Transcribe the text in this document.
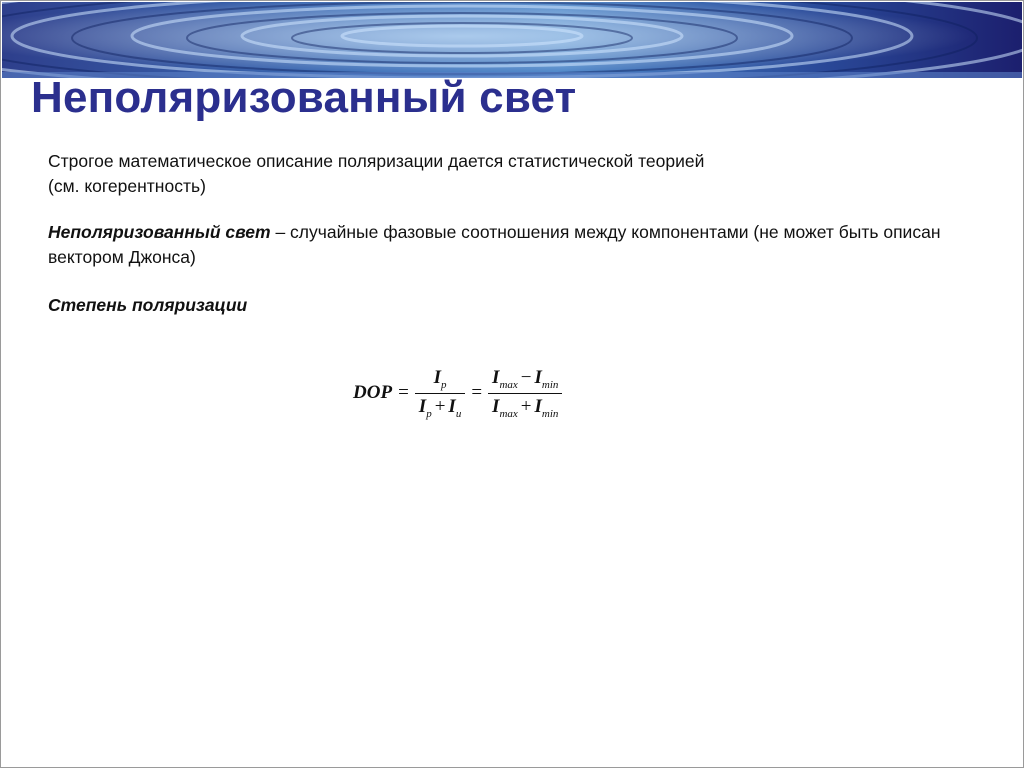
Неполяризованный свет

Строгое математическое описание поляризации дается статистической теорией
(см. когерентность)

Неполяризованный свет – случайные фазовые соотношения между компонентами (не может быть описан вектором Джонса)

Степень поляризации

DOP = $\frac{I_p}{I_p + I_u} = \frac{I_{max} - I_{min}}{I_{max} + I_{min}}$
